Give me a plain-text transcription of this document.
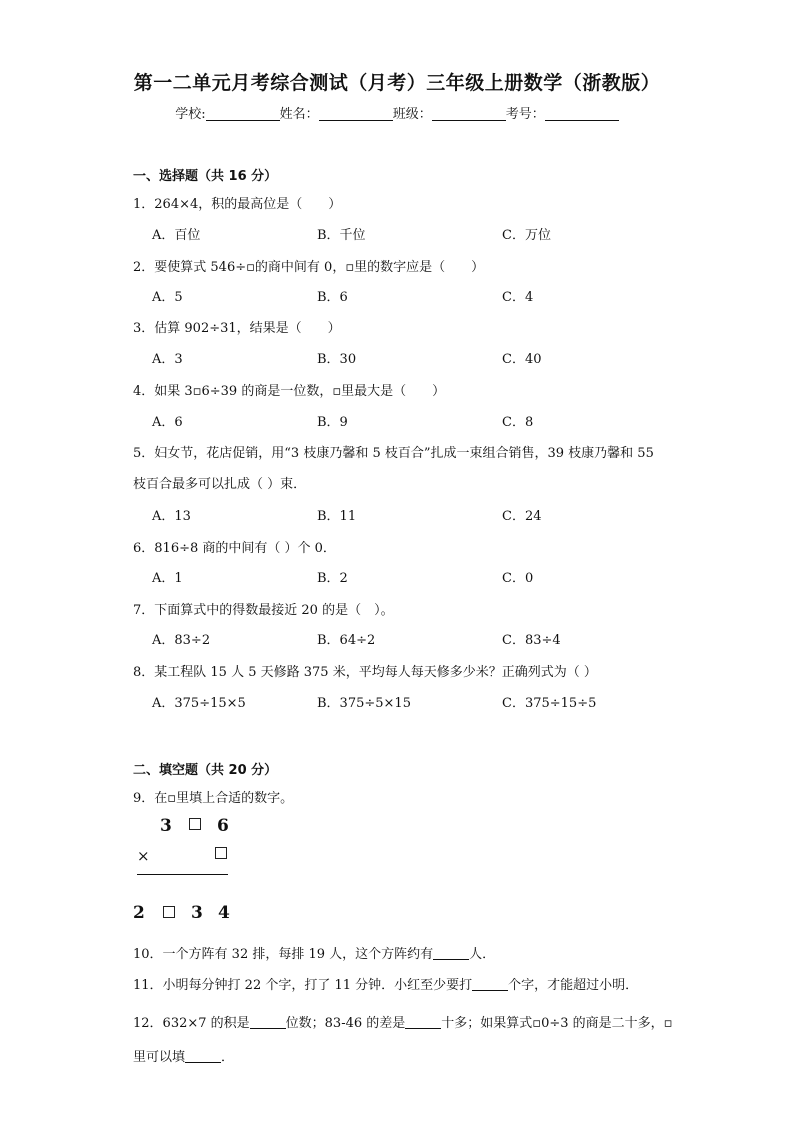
第一二单元月考综合测试（月考）三年级上册数学（浙教版）
学校:	姓名：	班级：	考号：
一、选择题（共 16 分）
1．264×4，积的最高位是（　　）
A．百位	B．千位	C．万位
2．要使算式 546÷▫的商中间有 0，▫里的数字应是（　　）
A．5	B．6	C．4
3．估算 902÷31，结果是（　　）
A．3	B．30	C．40
4．如果 3▫6÷39 的商是一位数，▫里最大是（　　）
A．6	B．9	C．8
5．妇女节，花店促销，用“3 枝康乃馨和 5 枝百合”扎成一束组合销售，39 枝康乃馨和 55
枝百合最多可以扎成（ ）束．
A．13	B．11	C．24
6．816÷8 商的中间有（ ）个 0．
A．1	B．2	C．0
7．下面算式中的得数最接近 20 的是（　）。
A．83÷2	B．64÷2	C．83÷4
8．某工程队 15 人 5 天修路 375 米，平均每人每天修多少米？正确列式为（ ）
A．375÷15×5	B．375÷5×15	C．375÷15÷5
二、填空题（共 20 分）
9．在▫里填上合适的数字。
3	6
×
2	3 4
10．一个方阵有 32 排，每排 19 人，这个方阵约有	人．
11．小明每分钟打 22 个字，打了 11 分钟．小红至少要打	个字，才能超过小明．
12．632×7 的积是	位数；83-46 的差是	十多；如果算式▫0÷3 的商是二十多，▫
里可以填	．
